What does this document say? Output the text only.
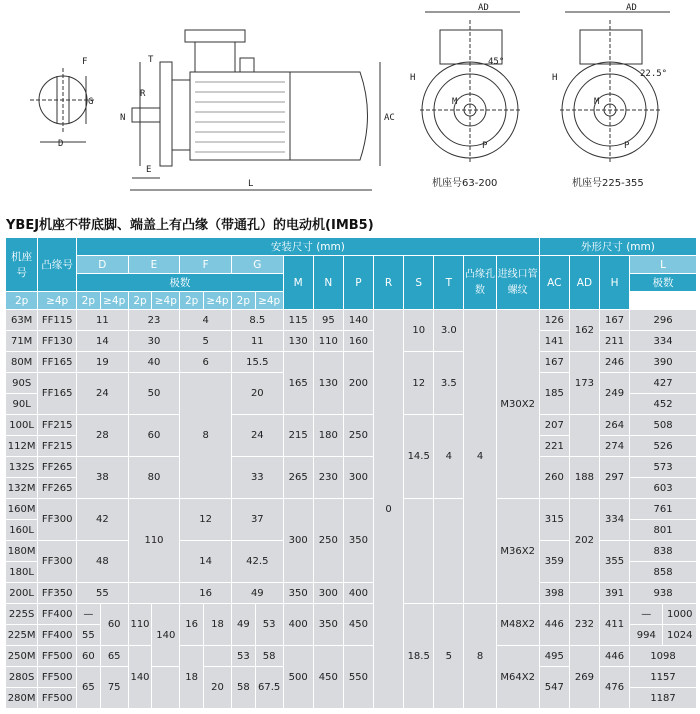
F
G
D
T
R
N
E
AC
L
AD
H
45°
M
P
机座号63-200
AD
22.5°
H
M
P
机座号225-355
YBEJ机座不带底脚、端盖上有凸缘（带通孔）的电动机(IMB5)
机座号	凸缘号	安装尺寸 (mm)																外形尺寸 (mm)				
		D		E		F		G		M	N	P	R	S	T	凸缘孔数	进线口管螺纹	AC	AD	H	L	
		极数																			极数	
2p	≥4p	2p	≥4p	2p	≥4p	2p	≥4p	2p	≥4p													
63M	FF115	11		23		4		8.5		115	95	140	0	10	3.0	4	M30X2	126	162	167	296	
71M	FF130	14		30		5		11		130	110	160						141		211	334	
80M	FF165	19		40		6		15.5		165	130	200		12	3.5			167	173	246	390	
90S	FF165	24		50		8		20										185		249	427	
90L																					452	
100L	FF215	28		60				24		215	180	250		14.5	4			207		264	508	
112M	FF215																	221		274	526	
132S	FF265	38		80				33		265	230	300						260	188	297	573	
132M	FF265																				603	
160M	FF300	42		110		12		37		300	250	350					M36X2	315	202	334	761	
160L																					801	
180M	FF300	48				14		42.5										359		355	838	
180L																					858	
200L	FF350	55				16		49		350	300	400						398		391	938	
225S	FF400	—	60	110	140	16	18	49	53	400	350	450		18.5	5	8	M48X2	446	232	411	—	1000
225M	FF400	55																			994	1024
250M	FF500	60	65	140		18		53	58	500	450	550					M64X2	495	269	446	1098	
280S	FF500	65	75				20	58	67.5									547		476	1157	
280M	FF500																				1187	
